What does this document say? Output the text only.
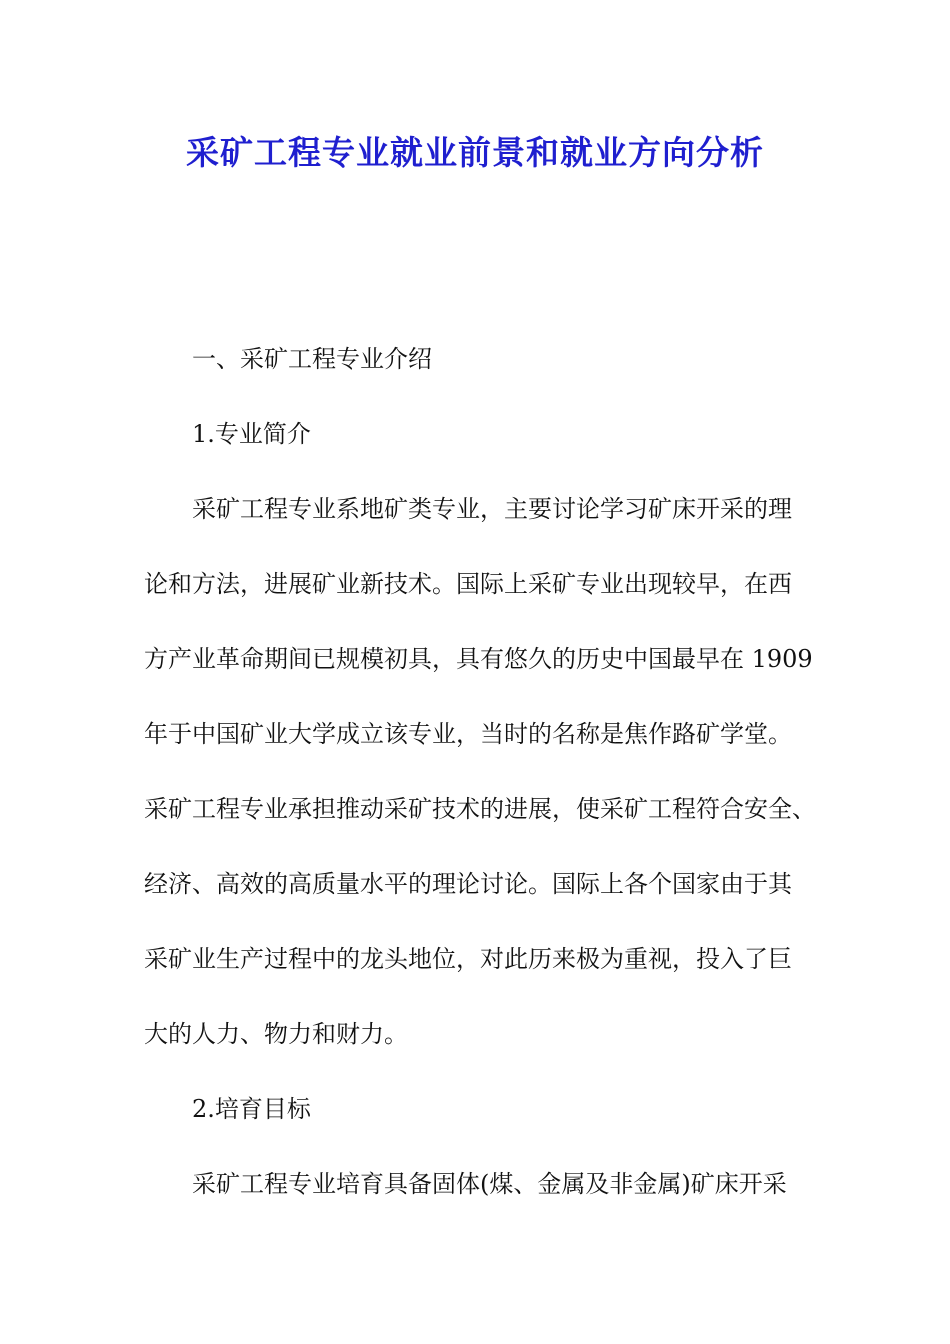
采矿工程专业就业前景和就业方向分析
一、采矿工程专业介绍
1.专业简介
采矿工程专业系地矿类专业，主要讨论学习矿床开采的理
论和方法，进展矿业新技术。国际上采矿专业出现较早，在西
方产业革命期间已规模初具，具有悠久的历史中国最早在 1909
年于中国矿业大学成立该专业，当时的名称是焦作路矿学堂。
采矿工程专业承担推动采矿技术的进展，使采矿工程符合安全、
经济、高效的高质量水平的理论讨论。国际上各个国家由于其
采矿业生产过程中的龙头地位，对此历来极为重视，投入了巨
大的人力、物力和财力。
2.培育目标
采矿工程专业培育具备固体(煤、金属及非金属)矿床开采
